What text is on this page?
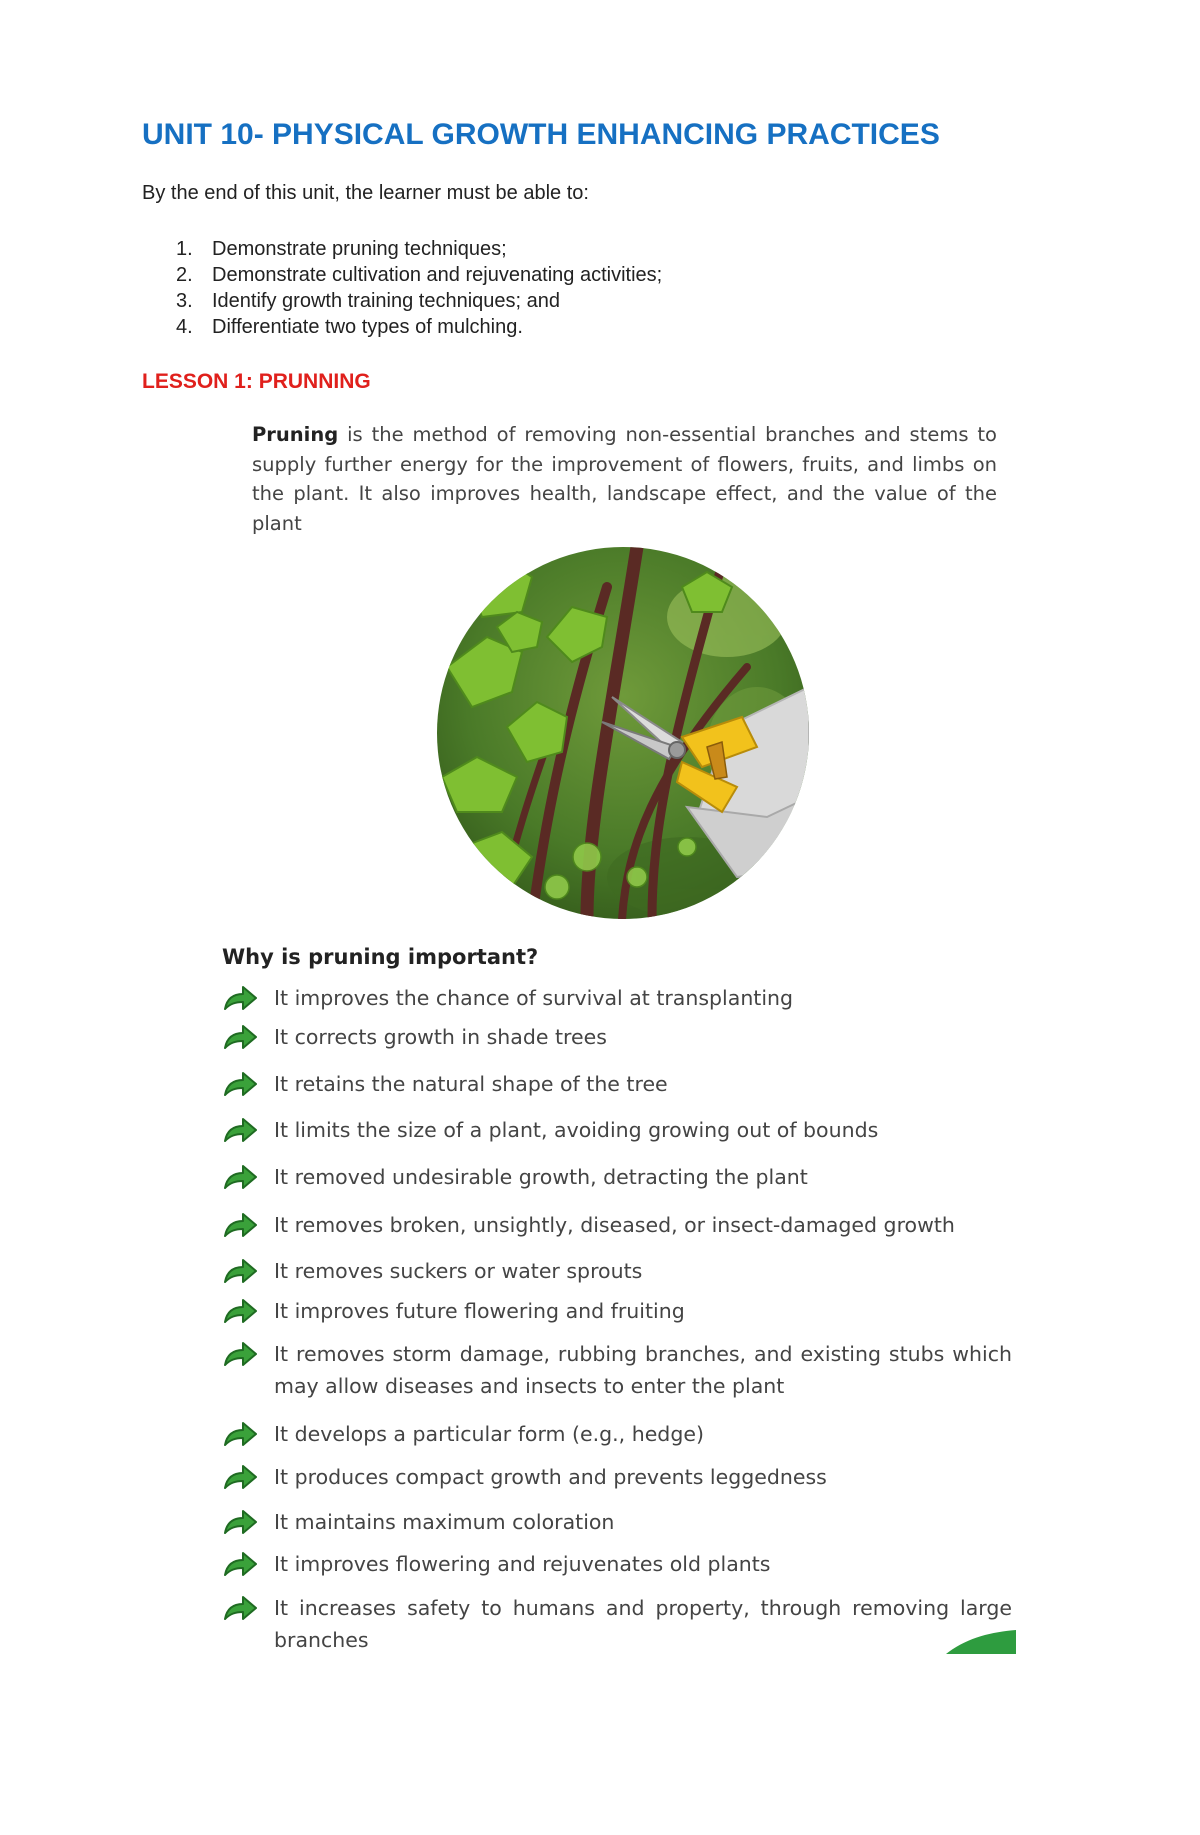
UNIT 10- PHYSICAL GROWTH ENHANCING PRACTICES

By the end of this unit, the learner must be able to:

1. Demonstrate pruning techniques;
2. Demonstrate cultivation and rejuvenating activities;
3. Identify growth training techniques; and
4. Differentiate two types of mulching.
LESSON 1: PRUNNING

Pruning is the method of removing non-essential branches and stems to supply further energy for the improvement of flowers, fruits, and limbs on the plant. It also improves health, landscape effect, and the value of the plant

Why is pruning important?
It improves the chance of survival at transplanting
It corrects growth in shade trees
It retains the natural shape of the tree
It limits the size of a plant, avoiding growing out of bounds
It removed undesirable growth, detracting the plant
It removes broken, unsightly, diseased, or insect-damaged growth
It removes suckers or water sprouts
It improves future flowering and fruiting
It removes storm damage, rubbing branches, and existing stubs which may allow diseases and insects to enter the plant
It develops a particular form (e.g., hedge)
It produces compact growth and prevents leggedness
It maintains maximum coloration
It improves flowering and rejuvenates old plants
It increases safety to humans and property, through removing large branches
